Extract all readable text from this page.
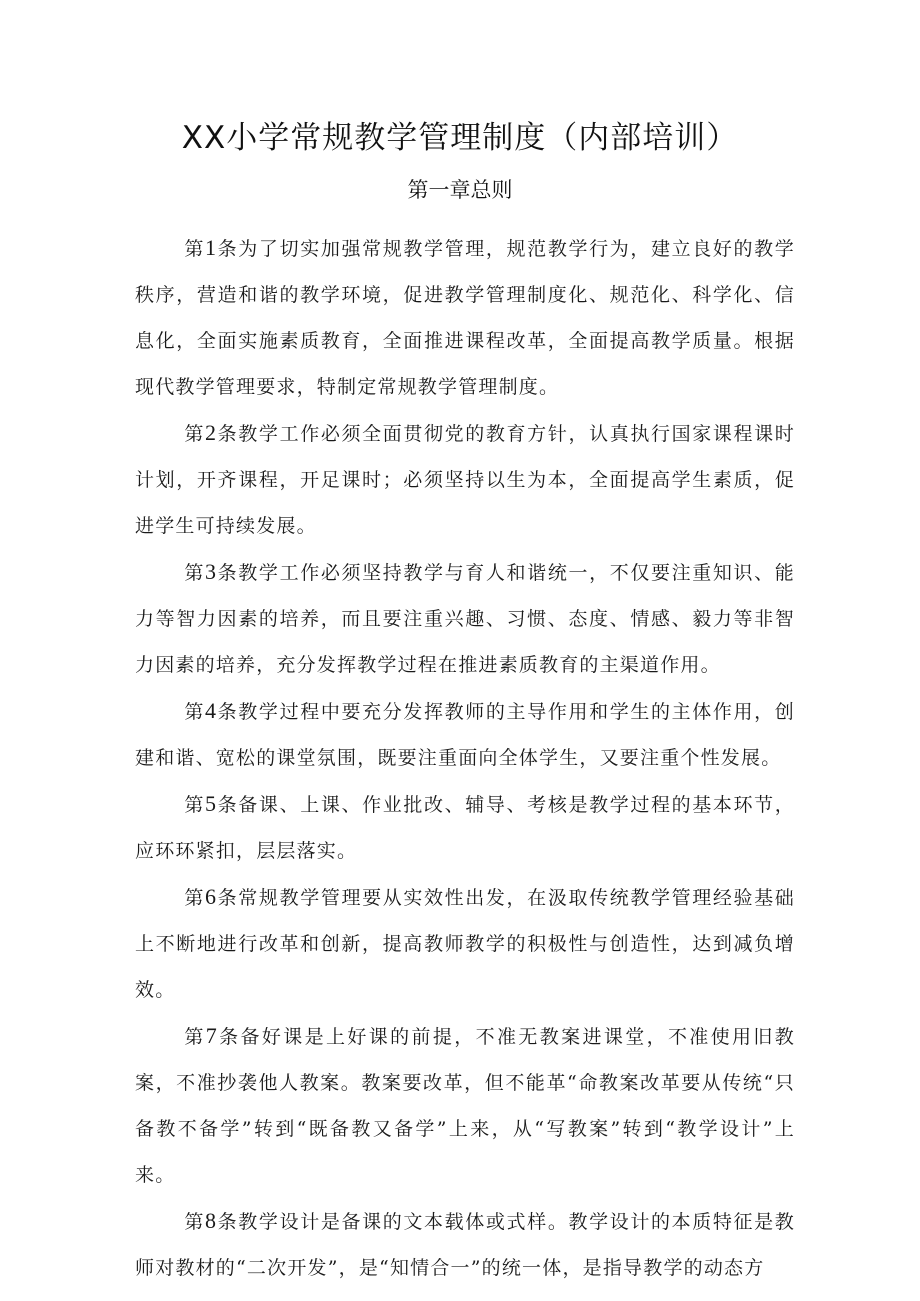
XX小学常规教学管理制度（内部培训）
第一章总则

第1条为了切实加强常规教学管理，规范教学行为，建立良好的教学秩序，营造和谐的教学环境，促进教学管理制度化、规范化、科学化、信息化，全面实施素质教育，全面推进课程改革，全面提高教学质量。根据现代教学管理要求，特制定常规教学管理制度。

第2条教学工作必须全面贯彻党的教育方针，认真执行国家课程课时计划，开齐课程，开足课时；必须坚持以生为本，全面提高学生素质，促进学生可持续发展。

第3条教学工作必须坚持教学与育人和谐统一，不仅要注重知识、能力等智力因素的培养，而且要注重兴趣、习惯、态度、情感、毅力等非智力因素的培养，充分发挥教学过程在推进素质教育的主渠道作用。

第4条教学过程中要充分发挥教师的主导作用和学生的主体作用，创建和谐、宽松的课堂氛围，既要注重面向全体学生，又要注重个性发展。

第5条备课、上课、作业批改、辅导、考核是教学过程的基本环节，应环环紧扣，层层落实。

第6条常规教学管理要从实效性出发，在汲取传统教学管理经验基础上不断地进行改革和创新，提高教师教学的积极性与创造性，达到减负增效。

第7条备好课是上好课的前提，不准无教案进课堂，不准使用旧教案，不准抄袭他人教案。教案要改革，但不能革“命教案改革要从传统“只备教不备学”转到“既备教又备学”上来，从“写教案”转到“教学设计”上来。

第8条教学设计是备课的文本载体或式样。教学设计的本质特征是教师对教材的“二次开发”，是“知情合一”的统一体，是指导教学的动态方
